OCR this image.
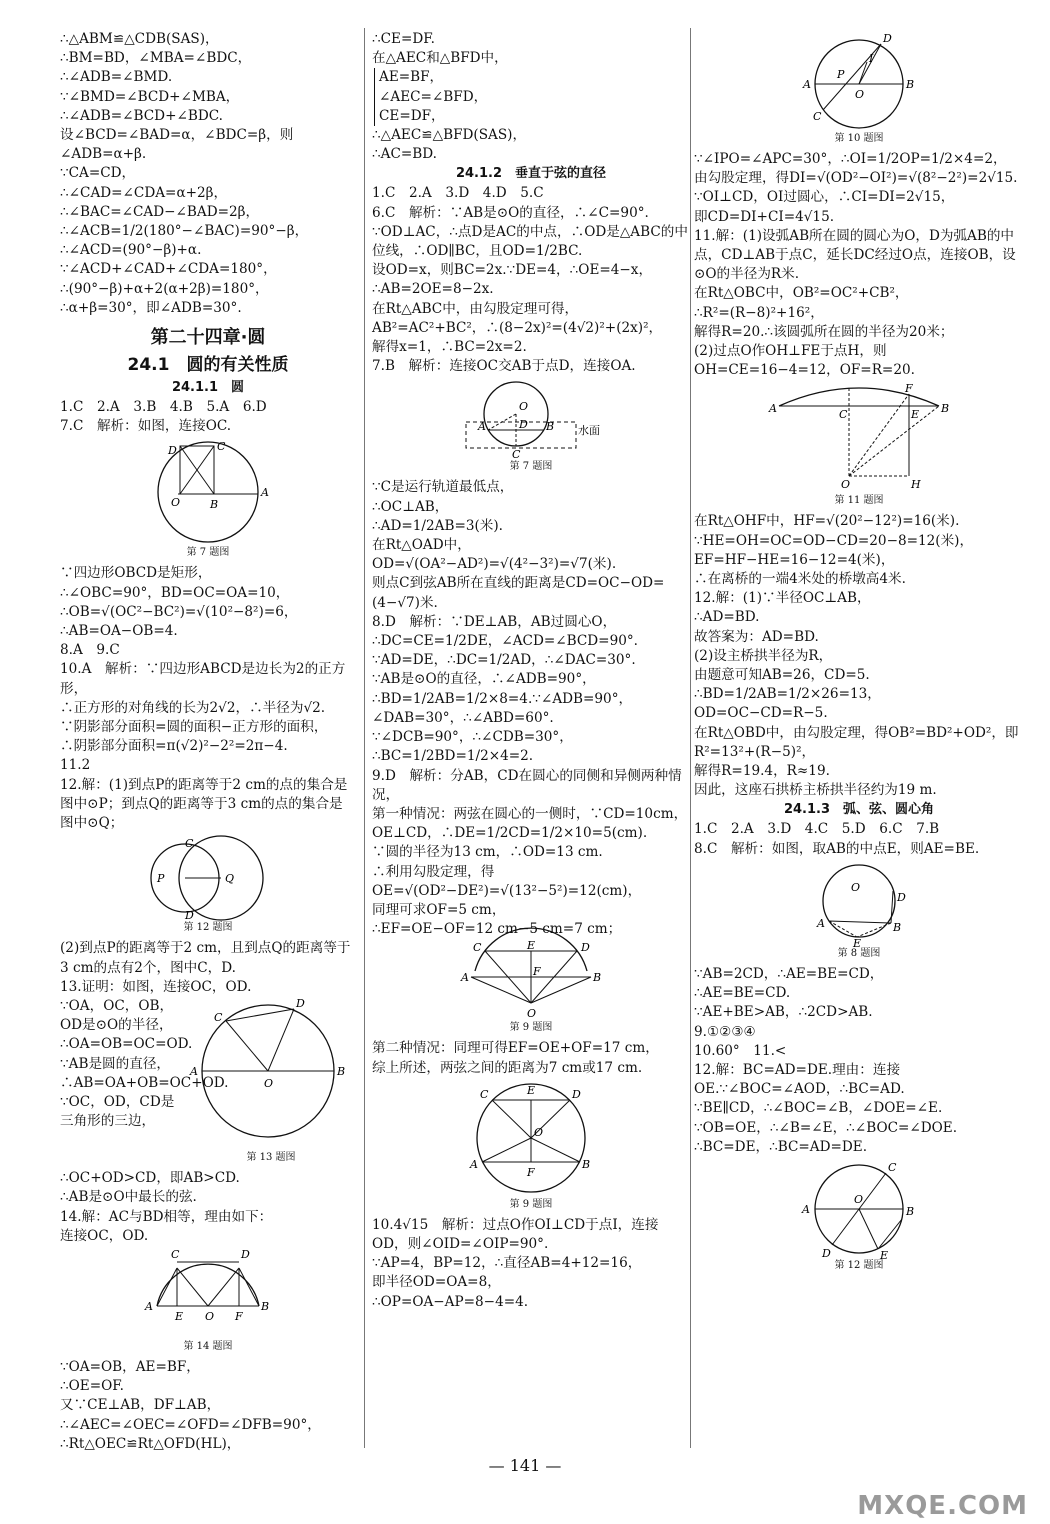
∴△ABM≌△CDB(SAS)，
∴BM=BD，∠MBA=∠BDC，
∴∠ADB=∠BMD.
∵∠BMD=∠BCD+∠MBA，
∴∠ADB=∠BCD+∠BDC.
设∠BCD=∠BAD=α，∠BDC=β，则∠ADB=α+β.
∵CA=CD，
∴∠CAD=∠CDA=α+2β，
∴∠BAC=∠CAD−∠BAD=2β，
∴∠ACB=1/2(180°−∠BAC)=90°−β，
∴∠ACD=(90°−β)+α.
∵∠ACD+∠CAD+∠CDA=180°，
∴(90°−β)+α+2(α+2β)=180°，
∴α+β=30°，即∠ADB=30°.
第二十四章·圆
24.1　圆的有关性质
24.1.1　圆
1.C　2.A　3.B　4.B　5.A　6.D
7.C　解析：如图，连接OC.
D	C
A
O	B
第 7 题图
∵四边形OBCD是矩形，
∴∠OBC=90°，BD=OC=OA=10，
∴OB=√(OC²−BC²)=√(10²−8²)=6，
∴AB=OA−OB=4.
8.A　9.C
10.A　解析：∵四边形ABCD是边长为2的正方形，
∴正方形的对角线的长为2√2，∴半径为√2.
∵阴影部分面积=圆的面积−正方形的面积，
∴阴影部分面积=π(√2)²−2²=2π−4.
11.2
12.解：(1)到点P的距离等于2 cm的点的集合是图中⊙P；到点Q的距离等于3 cm的点的集合是图中⊙Q；
C
P	Q
D
第 12 题图
(2)到点P的距离等于2 cm，且到点Q的距离等于3 cm的点有2个，图中C，D.
13.证明：如图，连接OC，OD.
∵OA，OC，OB，OD是⊙O的半径，
∴OA=OB=OC=OD.
∵AB是圆的直径，∴AB=OA+OB=OC+OD.
∵OC，OD，CD是三角形的三边，
C
D
A
O
B
第 13 题图
∴OC+OD>CD，即AB>CD.
∴AB是⊙O中最长的弦.
14.解：AC与BD相等，理由如下：
连接OC，OD.
C	D
A
E O F
B
第 14 题图
∵OA=OB，AE=BF，
∴OE=OF.
又∵CE⊥AB，DF⊥AB，
∴∠AEC=∠OEC=∠OFD=∠DFB=90°，
∴Rt△OEC≌Rt△OFD(HL)，
∴CE=DF.
在△AEC和△BFD中，
AE=BF，
∠AEC=∠BFD，
CE=DF，
∴△AEC≌△BFD(SAS)，
∴AC=BD.
24.1.2　垂直于弦的直径
1.C　2.A　3.D　4.D　5.C
6.C　解析：∵AB是⊙O的直径，∴∠C=90°.
∵OD⊥AC，∴点D是AC的中点，∴OD是△ABC的中位线，∴OD∥BC，且OD=1/2BC.
设OD=x，则BC=2x.∵DE=4，∴OE=4−x，
∴AB=2OE=8−2x.
在Rt△ABC中，由勾股定理可得，AB²=AC²+BC²，∴(8−2x)²=(4√2)²+(2x)²，
解得x=1，∴BC=2x=2.
7.B　解析：连接OC交AB于点D，连接OA.
O
A	D B
C
水面
第 7 题图
∵C是运行轨道最低点，
∴OC⊥AB，
∴AD=1/2AB=3(米).
在Rt△OAD中，OD=√(OA²−AD²)=√(4²−3²)=√7(米).
则点C到弦AB所在直线的距离是CD=OC−OD=(4−√7)米.
8.D　解析：∵DE⊥AB，AB过圆心O，
∴DC=CE=1/2DE，∠ACD=∠BCD=90°.
∵AD=DE，∴DC=1/2AD，∴∠DAC=30°.
∵AB是⊙O的直径，∴∠ADB=90°，
∴BD=1/2AB=1/2×8=4.∵∠ADB=90°，∠DAB=30°，∴∠ABD=60°.
∵∠DCB=90°，∴∠CDB=30°，
∴BC=1/2BD=1/2×4=2.
9.D　解析：分AB，CD在圆心的同侧和异侧两种情况，
第一种情况：两弦在圆心的一侧时，∵CD=10cm，OE⊥CD，∴DE=1/2CD=1/2×10=5(cm).
∵圆的半径为13 cm，∴OD=13 cm.
∴利用勾股定理，得
OE=√(OD²−DE²)=√(13²−5²)=12(cm)，
同理可求OF=5 cm，
∴EF=OE−OF=12 cm−5 cm=7 cm；
C	E	D
A	F	B
O
第 9 题图
第二种情况：同理可得EF=OE+OF=17 cm，
综上所述，两弦之间的距离为7 cm或17 cm.
C	E	D
O
A
F
B
第 9 题图
10.4√15　解析：过点O作OI⊥CD于点I，连接OD，则∠OID=∠OIP=90°.
∵AP=4，BP=12，∴直径AB=4+12=16，
即半径OD=OA=8，
∴OP=OA−AP=8−4=4.
D
P
I
A
O
B
C
第 10 题图
∵∠IPO=∠APC=30°，∴OI=1/2OP=1/2×4=2，
由勾股定理，得DI=√(OD²−OI²)=√(8²−2²)=2√15.
∵OI⊥CD，OI过圆心，∴CI=DI=2√15，
即CD=DI+CI=4√15.
11.解：(1)设弧AB所在圆的圆心为O，D为弧AB的中点，CD⊥AB于点C，延长DC经过O点，连接OB，设⊙O的半径为R米.
在Rt△OBC中，OB²=OC²+CB²，
∴R²=(R−8)²+16²，
解得R=20.∴该圆弧所在圆的半径为20米；
(2)过点O作OH⊥FE于点H，则OH=CE=16−4=12，OF=R=20.
F
A	C	E B
O	H
第 11 题图
在Rt△OHF中，HF=√(20²−12²)=16(米).
∵HE=OH=OC=OD−CD=20−8=12(米)，
EF=HF−HE=16−12=4(米)，
∴在离桥的一端4米处的桥墩高4米.
12.解：(1)∵半径OC⊥AB，
∴AD=BD.
故答案为：AD=BD.
(2)设主桥拱半径为R，
由题意可知AB=26，CD=5.
∴BD=1/2AB=1/2×26=13，
OD=OC−CD=R−5.
在Rt△OBD中，由勾股定理，得OB²=BD²+OD²，即R²=13²+(R−5)²，
解得R=19.4，R≈19.
因此，这座石拱桥主桥拱半径约为19 m.
24.1.3　弧、弦、圆心角
1.C　2.A　3.D　4.C　5.D　6.C　7.B
8.C　解析：如图，取AB的中点E，则AE=BE.
O
D
A	B
E
第 8 题图
∵AB=2CD，∴AE=BE=CD，
∴AE=BE=CD.
∵AE+BE>AB，∴2CD>AB.
9.①②③④
10.60°　11.<
12.解：BC=AD=DE.理由：连接OE.∵∠BOC=∠AOD，∴BC=AD.
∵BE∥CD，∴∠BOC=∠B，∠DOE=∠E.
∵OB=OE，∴∠B=∠E，∴∠BOC=∠DOE.
∴BC=DE，∴BC=AD=DE.
C
O
B
A
D	E
第 12 题图
— 141 —
MXQE.COM
